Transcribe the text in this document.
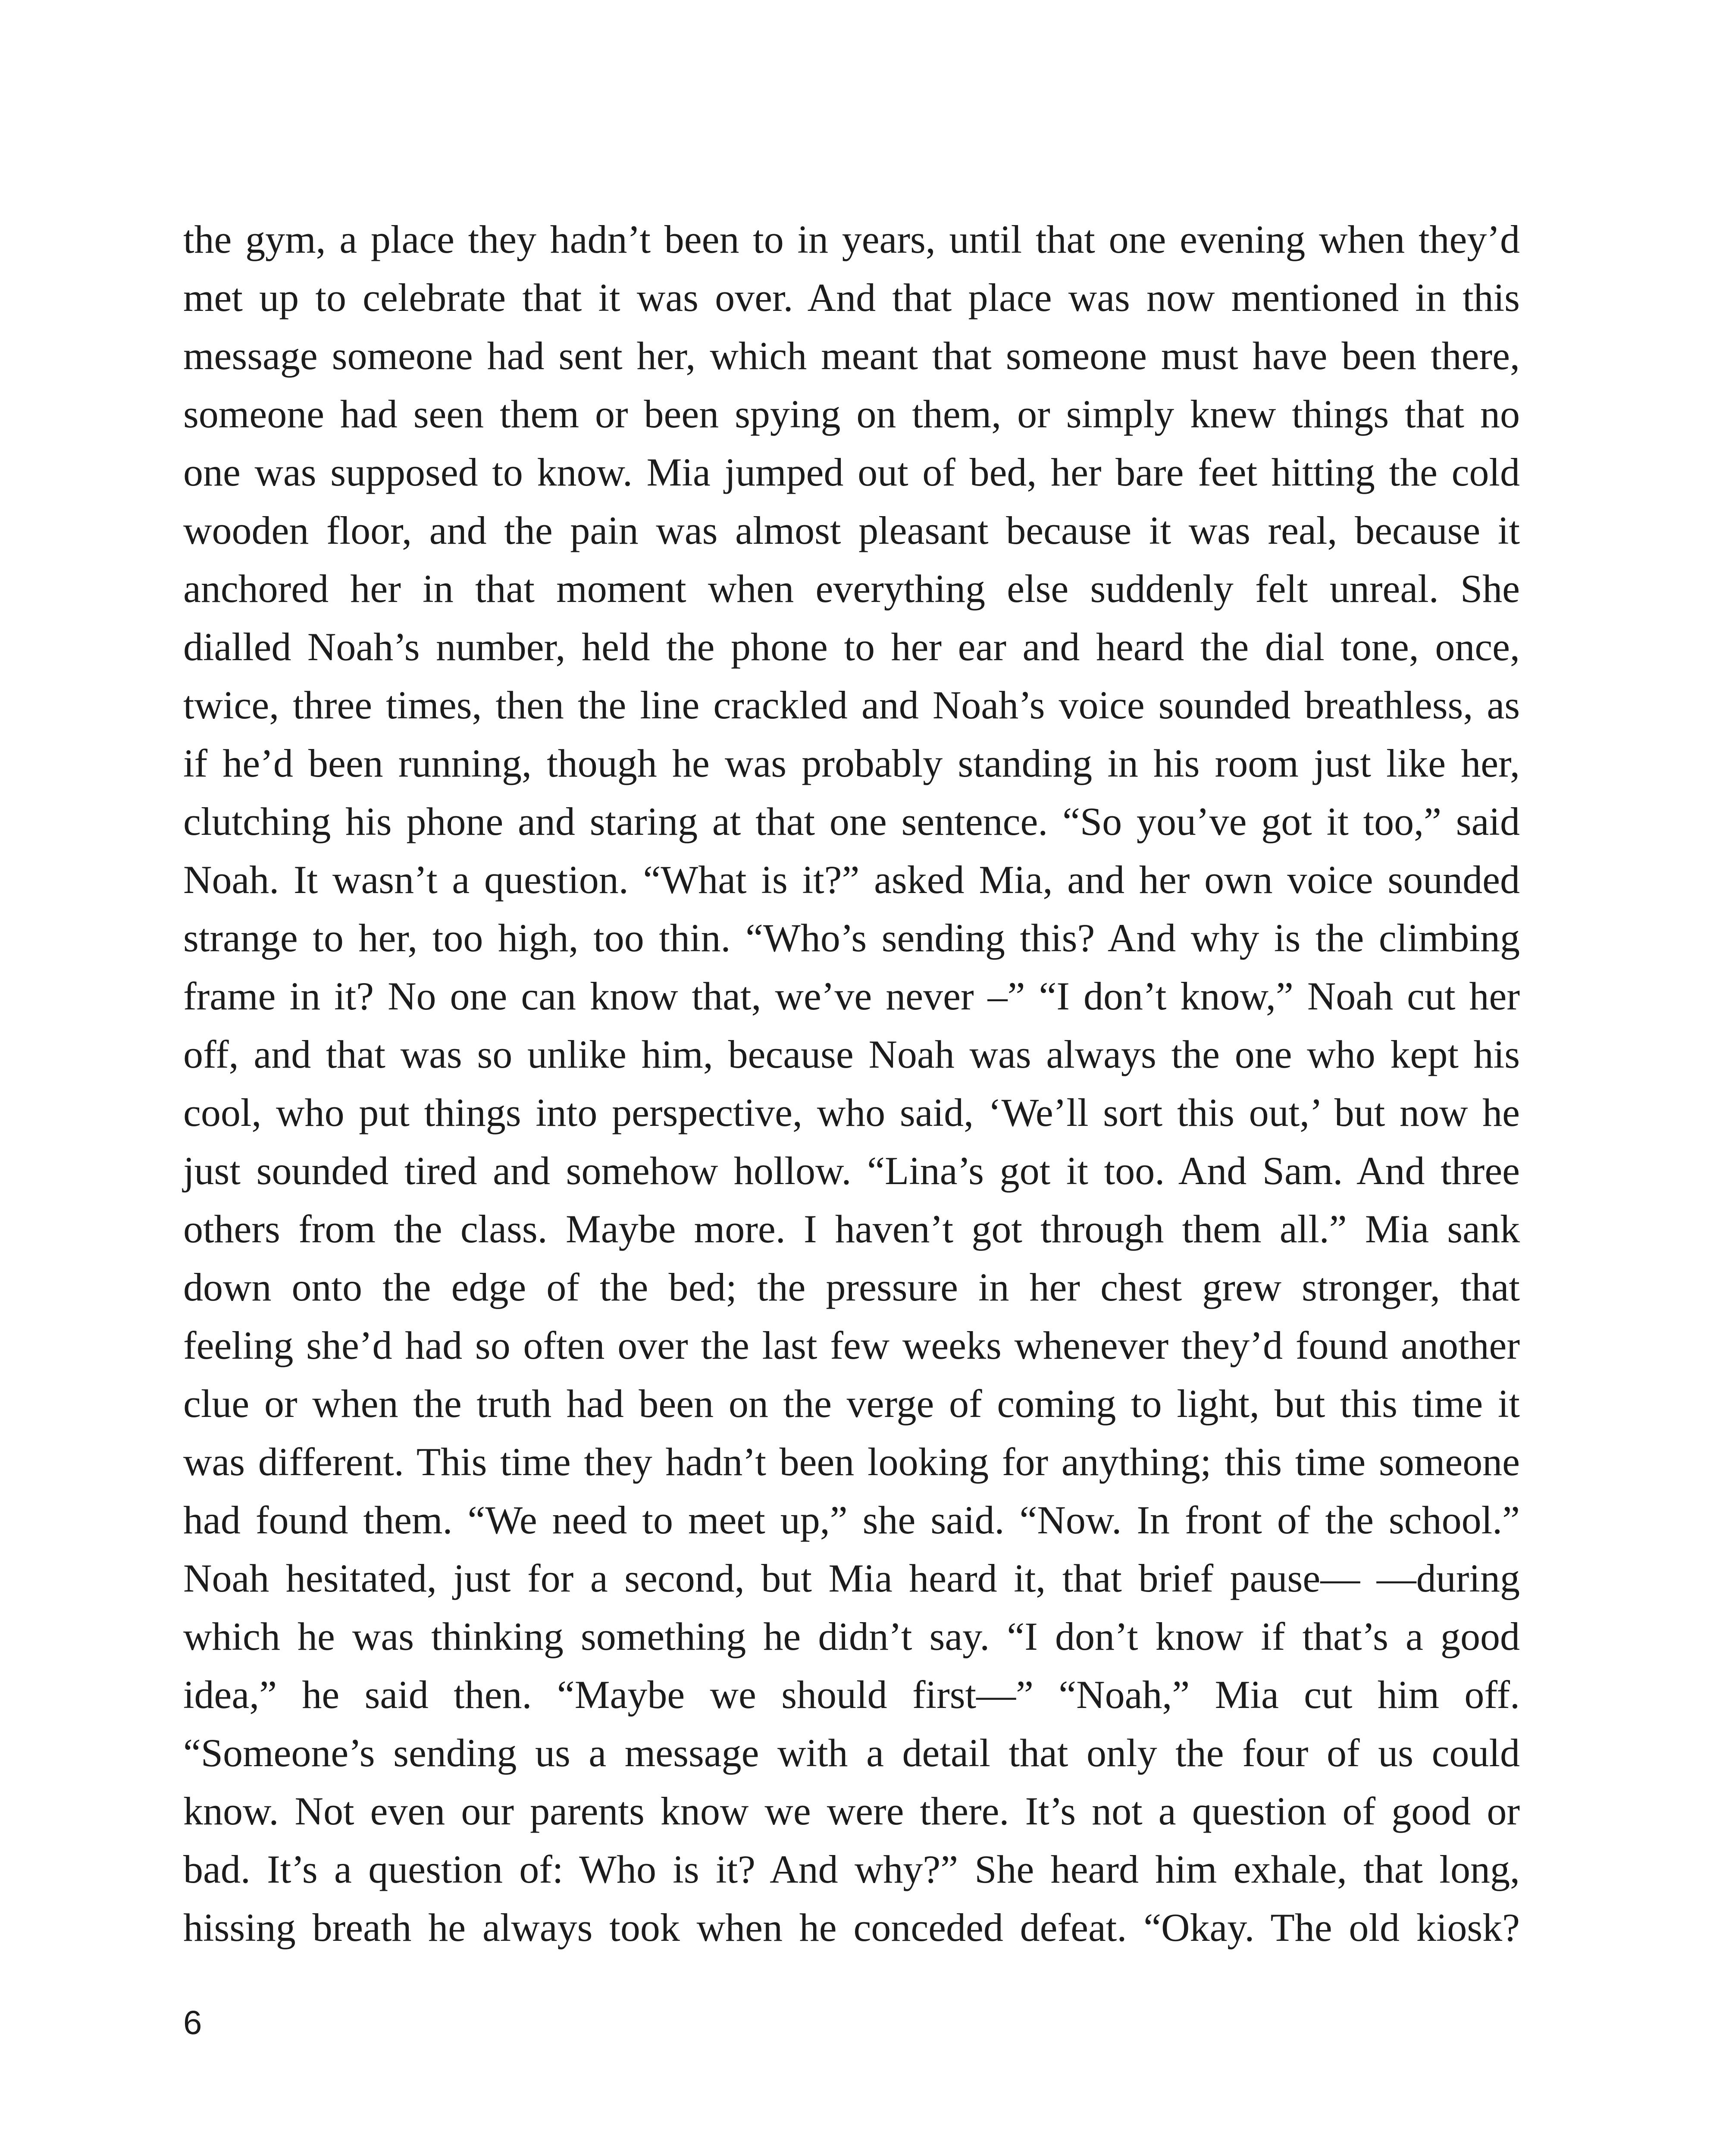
the gym, a place they hadn’t been to in years, until that one evening when they’d
met up to celebrate that it was over. And that place was now mentioned in this
message someone had sent her, which meant that someone must have been there,
someone had seen them or been spying on them, or simply knew things that no
one was supposed to know. Mia jumped out of bed, her bare feet hitting the cold
wooden floor, and the pain was almost pleasant because it was real, because it
anchored her in that moment when everything else suddenly felt unreal. She
dialled Noah’s number, held the phone to her ear and heard the dial tone, once,
twice, three times, then the line crackled and Noah’s voice sounded breathless, as
if he’d been running, though he was probably standing in his room just like her,
clutching his phone and staring at that one sentence. “So you’ve got it too,” said
Noah. It wasn’t a question. “What is it?” asked Mia, and her own voice sounded
strange to her, too high, too thin. “Who’s sending this? And why is the climbing
frame in it? No one can know that, we’ve never –” “I don’t know,” Noah cut her
off, and that was so unlike him, because Noah was always the one who kept his
cool, who put things into perspective, who said, ‘We’ll sort this out,’ but now he
just sounded tired and somehow hollow. “Lina’s got it too. And Sam. And three
others from the class. Maybe more. I haven’t got through them all.” Mia sank
down onto the edge of the bed; the pressure in her chest grew stronger, that
feeling she’d had so often over the last few weeks whenever they’d found another
clue or when the truth had been on the verge of coming to light, but this time it
was different. This time they hadn’t been looking for anything; this time someone
had found them. “We need to meet up,” she said. “Now. In front of the school.”
Noah hesitated, just for a second, but Mia heard it, that brief pause— —during
which he was thinking something he didn’t say. “I don’t know if that’s a good
idea,” he said then. “Maybe we should first—” “Noah,” Mia cut him off.
“Someone’s sending us a message with a detail that only the four of us could
know. Not even our parents know we were there. It’s not a question of good or
bad. It’s a question of: Who is it? And why?” She heard him exhale, that long,
hissing breath he always took when he conceded defeat. “Okay. The old kiosk?
6
